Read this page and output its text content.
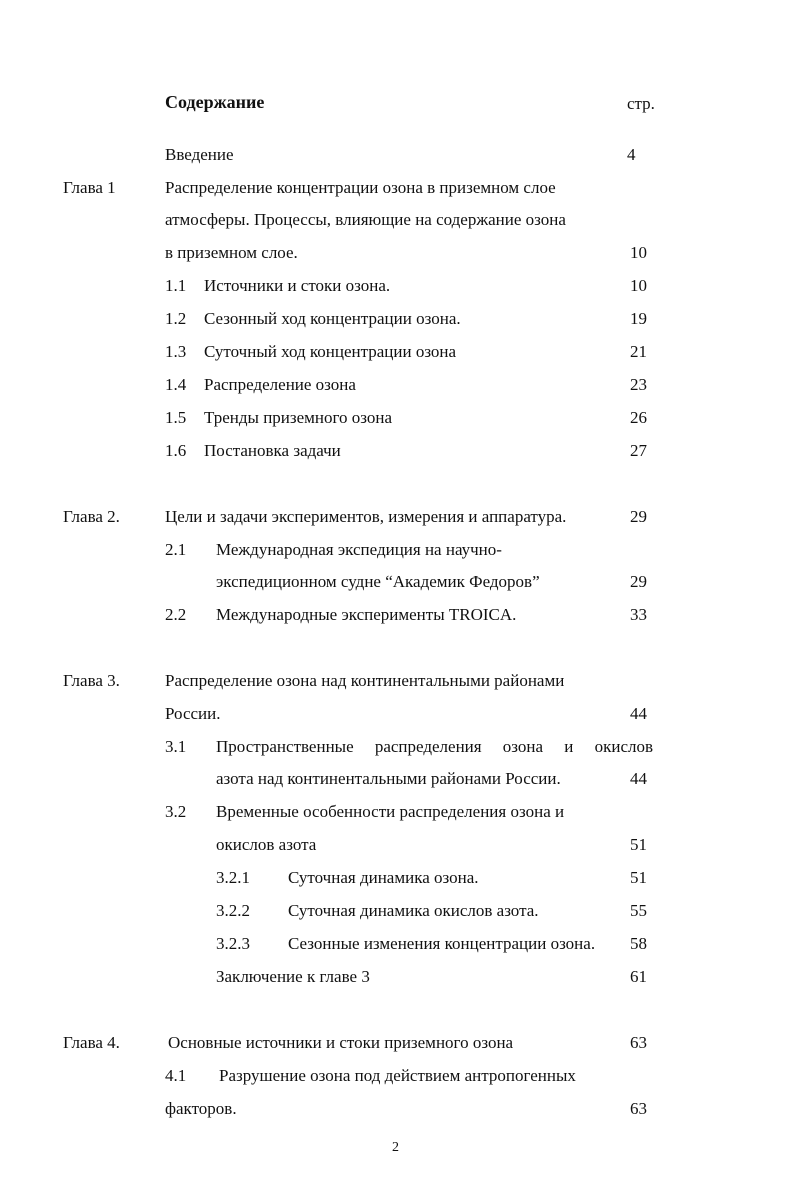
Содержание	стр.
Введение	4
Глава 1	Распределение концентрации озона в приземном слое
атмосферы. Процессы, влияющие на содержание озона
в приземном слое.	10
1.1 Источники и стоки озона.	10
1.2 Сезонный ход концентрации озона.	19
1.3 Суточный ход концентрации озона	21
1.4 Распределение озона	23
1.5 Тренды приземного озона	26
1.6 Постановка задачи	27
Глава 2.	Цели и задачи экспериментов, измерения и аппаратура.	29
2.1 Международная экспедиция на научно-
экспедиционном судне “Академик Федоров”	29
2.2 Международные эксперименты TROICA.	33
Глава 3.	Распределение озона над континентальными районами
России.	44
3.1 Пространственные распределения озона и окислов
азота над континентальными районами России.	44
3.2 Временные особенности распределения озона и
окислов азота	51
3.2.1 Суточная динамика озона.	51
3.2.2 Суточная динамика окислов азота.	55
3.2.3 Сезонные изменения концентрации озона. 58
Заключение к главе 3	61
Глава 4.	Основные источники и стоки приземного озона	63
4.1 Разрушение озона под действием антропогенных
факторов.	63
2
